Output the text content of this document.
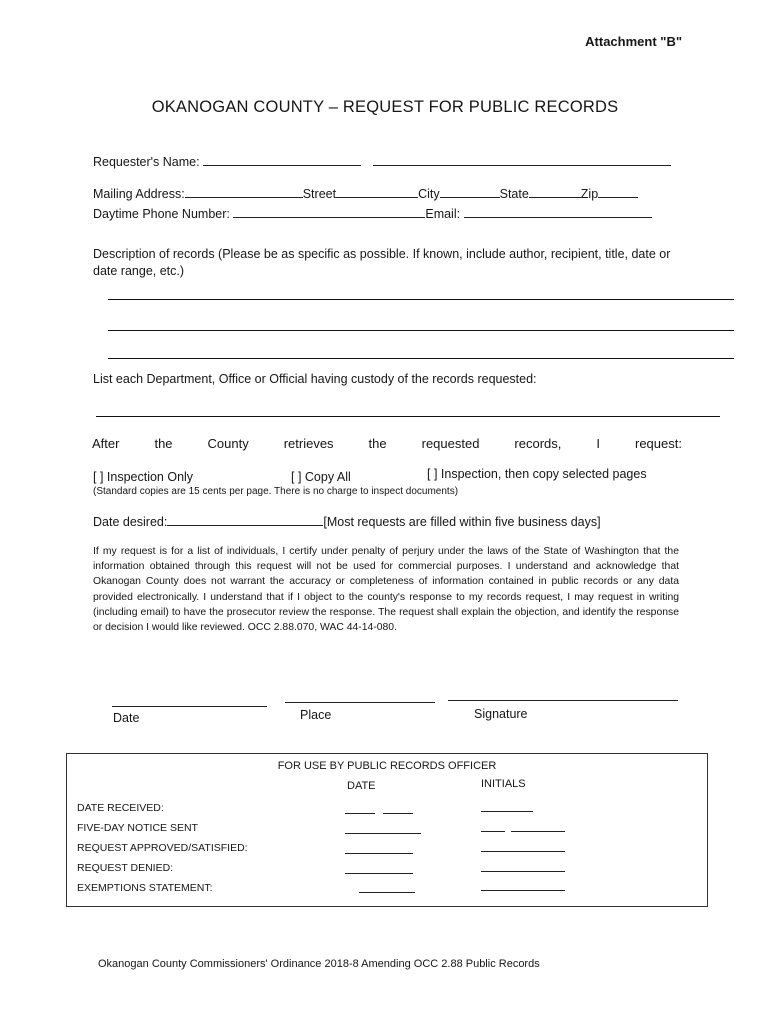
Attachment "B"
OKANOGAN COUNTY – REQUEST FOR PUBLIC RECORDS
Requester's Name:
Mailing Address:	Street	City	State	Zip
Daytime Phone Number:	Email:
Description of records (Please be as specific as possible. If known, include author, recipient, title, date or date range, etc.)
List each Department, Office or Official having custody of the records requested:
After	the	County	retrieves	the	requested	records,	I	request:
[ ] Inspection Only	[ ] Copy All	[ ] Inspection, then copy selected pages
(Standard copies are 15 cents per page. There is no charge to inspect documents)
Date desired:	[Most requests are filled within five business days]
If my request is for a list of individuals, I certify under penalty of perjury under the laws of the State of Washington that the information obtained through this request will not be used for commercial purposes. I understand and acknowledge that Okanogan County does not warrant the accuracy or completeness of information contained in public records or any data provided electronically. I understand that if I object to the county's response to my records request, I may request in writing (including email) to have the prosecutor review the response. The request shall explain the objection, and identify the response or decision I would like reviewed. OCC 2.88.070, WAC 44-14-080.
Date	Place	Signature
FOR USE BY PUBLIC RECORDS OFFICER
DATE	INITIALS
DATE RECEIVED:
FIVE-DAY NOTICE SENT
REQUEST APPROVED/SATISFIED:
REQUEST DENIED:
EXEMPTIONS STATEMENT:
Okanogan County Commissioners' Ordinance 2018-8 Amending OCC 2.88 Public Records
